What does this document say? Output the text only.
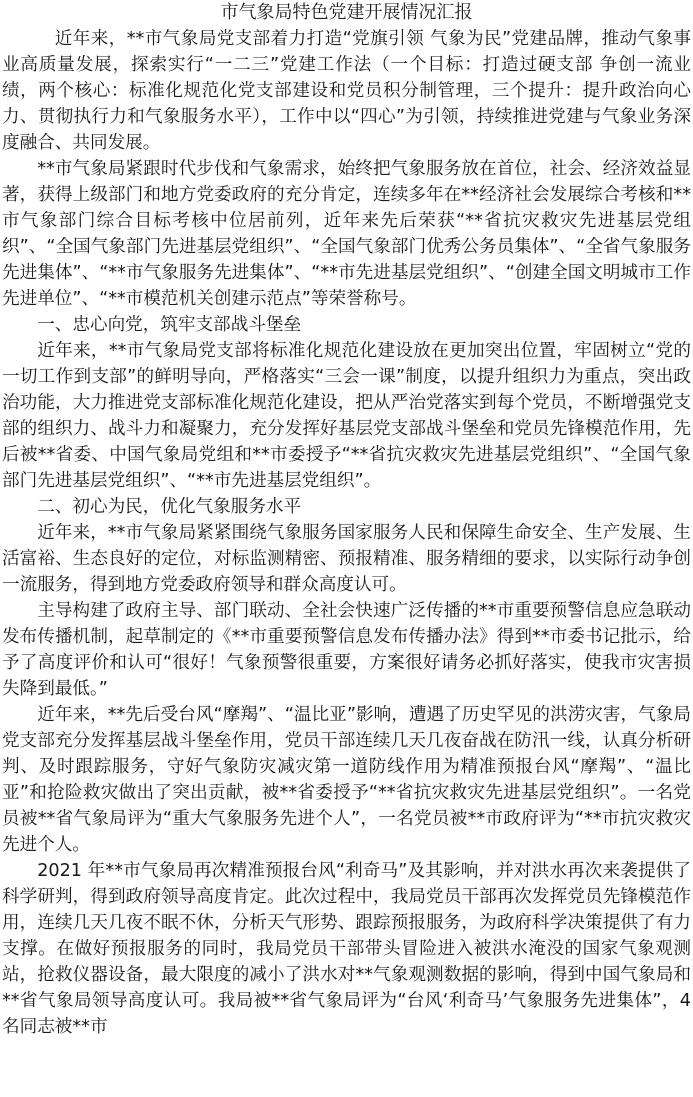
市气象局特色党建开展情况汇报

近年来，**市气象局党支部着力打造“党旗引领 气象为民”党建品牌，推动气象事业高质量发展，探索实行“一二三”党建工作法（一个目标：打造过硬支部 争创一流业绩，两个核心：标准化规范化党支部建设和党员积分制管理，三个提升：提升政治向心力、贯彻执行力和气象服务水平），工作中以“四心”为引领，持续推进党建与气象业务深度融合、共同发展。

**市气象局紧跟时代步伐和气象需求，始终把气象服务放在首位，社会、经济效益显著，获得上级部门和地方党委政府的充分肯定，连续多年在**经济社会发展综合考核和**市气象部门综合目标考核中位居前列，近年来先后荣获“**省抗灾救灾先进基层党组织”、“全国气象部门先进基层党组织”、“全国气象部门优秀公务员集体”、“全省气象服务先进集体”、“**市气象服务先进集体”、“**市先进基层党组织”、“创建全国文明城市工作先进单位”、“**市模范机关创建示范点”等荣誉称号。

一、忠心向党，筑牢支部战斗堡垒

近年来，**市气象局党支部将标准化规范化建设放在更加突出位置，牢固树立“党的一切工作到支部”的鲜明导向，严格落实“三会一课”制度，以提升组织力为重点，突出政治功能，大力推进党支部标准化规范化建设，把从严治党落实到每个党员，不断增强党支部的组织力、战斗力和凝聚力，充分发挥好基层党支部战斗堡垒和党员先锋模范作用，先后被**省委、中国气象局党组和**市委授予“**省抗灾救灾先进基层党组织”、“全国气象部门先进基层党组织”、“**市先进基层党组织”。

二、初心为民，优化气象服务水平

近年来，**市气象局紧紧围绕气象服务国家服务人民和保障生命安全、生产发展、生活富裕、生态良好的定位，对标监测精密、预报精准、服务精细的要求，以实际行动争创一流服务，得到地方党委政府领导和群众高度认可。

主导构建了政府主导、部门联动、全社会快速广泛传播的**市重要预警信息应急联动发布传播机制，起草制定的《**市重要预警信息发布传播办法》得到**市委书记批示，给予了高度评价和认可“很好！气象预警很重要，方案很好请务必抓好落实，使我市灾害损失降到最低。”

近年来，**先后受台风“摩羯”、“温比亚”影响，遭遇了历史罕见的洪涝灾害，气象局党支部充分发挥基层战斗堡垒作用，党员干部连续几天几夜奋战在防汛一线，认真分析研判、及时跟踪服务，守好气象防灾减灾第一道防线作用为精准预报台风“摩羯”、“温比亚”和抢险救灾做出了突出贡献，被**省委授予“**省抗灾救灾先进基层党组织”。一名党员被**省气象局评为“重大气象服务先进个人”，一名党员被**市政府评为“**市抗灾救灾先进个人。

2021 年**市气象局再次精准预报台风“利奇马”及其影响，并对洪水再次来袭提供了科学研判，得到政府领导高度肯定。此次过程中，我局党员干部再次发挥党员先锋模范作用，连续几天几夜不眠不休，分析天气形势、跟踪预报服务，为政府科学决策提供了有力支撑。在做好预报服务的同时，我局党员干部带头冒险进入被洪水淹没的国家气象观测站，抢救仪器设备，最大限度的减小了洪水对**气象观测数据的影响，得到中国气象局和**省气象局领导高度认可。我局被**省气象局评为“台风‘利奇马’气象服务先进集体”，4 名同志被**市
